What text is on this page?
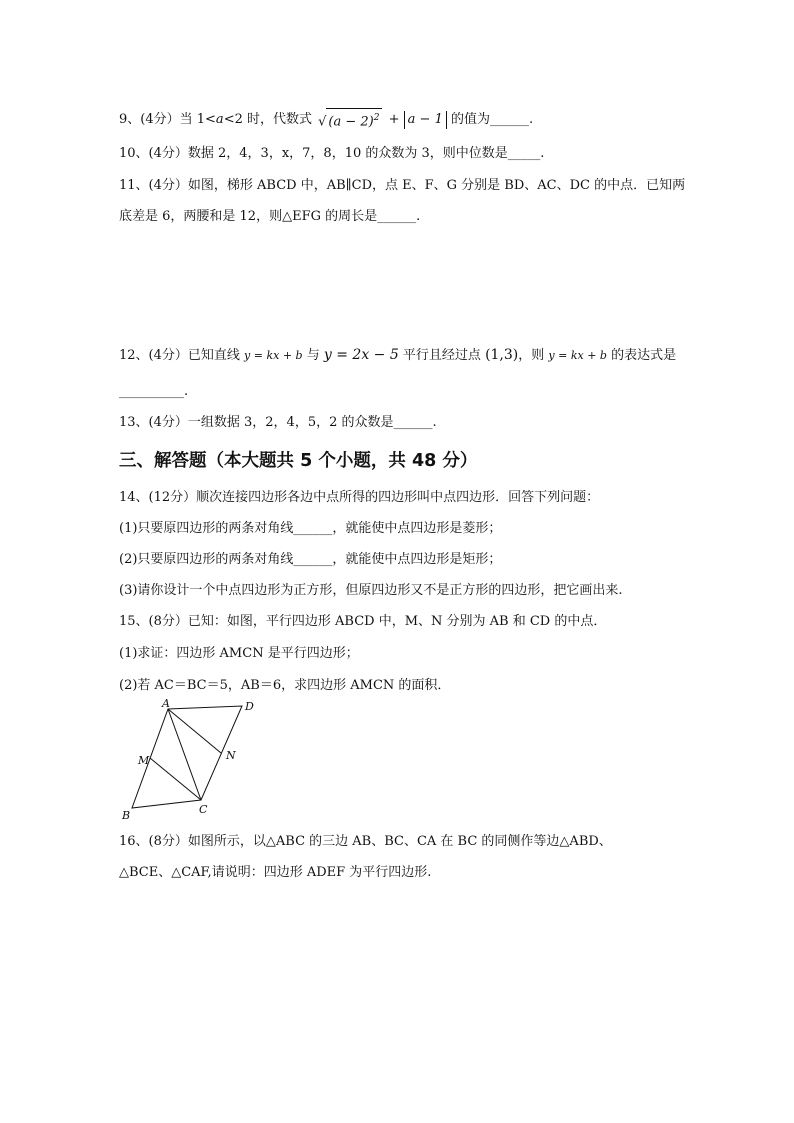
9、(4分）当 1<a<2 时，代数式 √ $(a - 2)^2 + a - 1$ 的值为______.
10、(4分）数据 2，4，3，x，7，8，10 的众数为 3，则中位数是_____.
11、(4分）如图，梯形 ABCD 中，AB∥CD，点 E、F、G 分别是 BD、AC、DC 的中点．已知两
底差是 6，两腰和是 12，则△EFG 的周长是______.
12、(4分）已知直线 y = kx + b 与 y = 2x − 5 平行且经过点 (1,3)，则 y = kx + b 的表达式是
__________.
13、(4分）一组数据 3，2，4，5，2 的众数是______.
三、解答题（本大题共 5 个小题，共 48 分）
14、(12分）顺次连接四边形各边中点所得的四边形叫中点四边形．回答下列问题：
(1)只要原四边形的两条对角线______，就能使中点四边形是菱形；
(2)只要原四边形的两条对角线______，就能使中点四边形是矩形；
(3)请你设计一个中点四边形为正方形，但原四边形又不是正方形的四边形，把它画出来.
15、(8分）已知：如图，平行四边形 ABCD 中，M、N 分别为 AB 和 CD 的中点．
(1)求证：四边形 AMCN 是平行四边形；
(2)若 AC＝BC＝5，AB＝6，求四边形 AMCN 的面积．
A	D
M	N
B	C
16、(8分）如图所示，以△ABC 的三边 AB、BC、CA 在 BC 的同侧作等边△ABD、
△BCE、△CAF,请说明：四边形 ADEF 为平行四边形.
